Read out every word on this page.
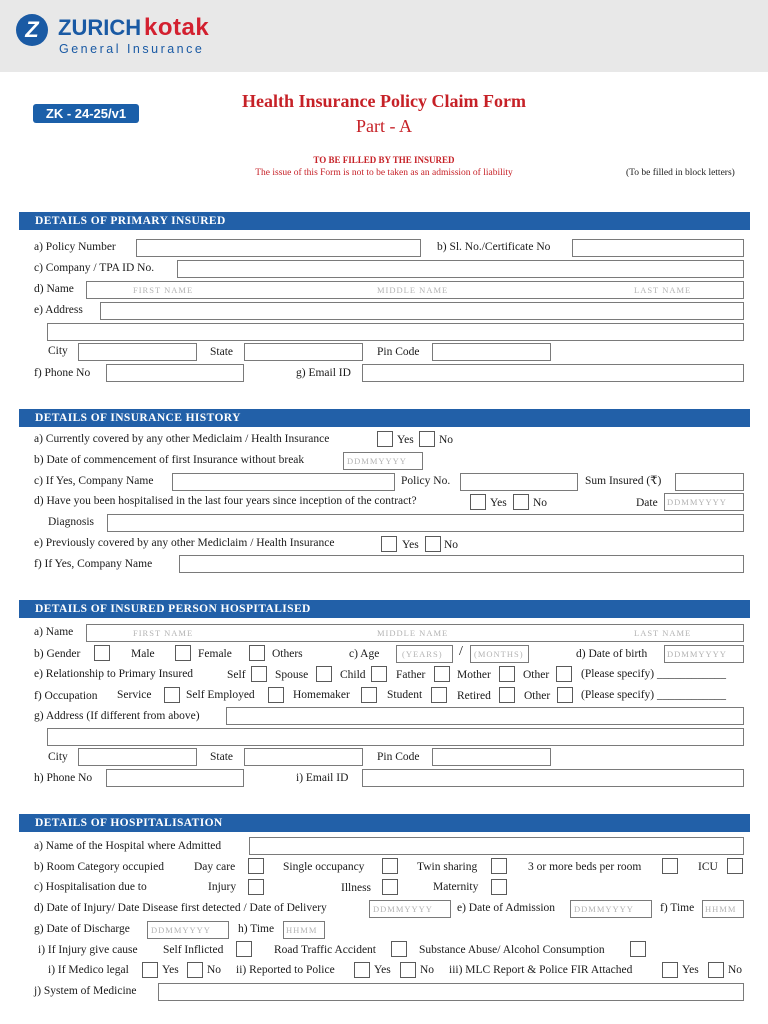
Z ZURICH kotak
General Insurance
ZK - 24-25/v1
Health Insurance Policy Claim Form
Part - A
TO BE FILLED BY THE INSURED
The issue of this Form is not to be taken as an admission of liability	(To be filled in block letters)
DETAILS OF PRIMARY INSURED
a) Policy Number	b) Sl. No./Certificate No
c) Company / TPA ID No.
d) Name	FIRST NAME	MIDDLE NAME	LAST NAME
e) Address
City	State	Pin Code
f) Phone No	g) Email ID
DETAILS OF INSURANCE HISTORY
a) Currently covered by any other Mediclaim / Health Insurance	Yes No
b) Date of commencement of first Insurance without break	DDMMYYYY
c) If Yes, Company Name	Policy No.	Sum Insured (₹)
d) Have you been hospitalised in the last four years since inception of the contract?	Yes No	Date DDMMYYYY
Diagnosis
e) Previously covered by any other Mediclaim / Health Insurance	Yes No
f) If Yes, Company Name
DETAILS OF INSURED PERSON HOSPITALISED
a) Name	FIRST NAME	MIDDLE NAME	LAST NAME
b) Gender	Male	Female	Others	c) Age	(YEARS) / (MONTHS)	d) Date of birth DDMMYYYY
e) Relationship to Primary Insured	Self	Spouse	Child	Father	Mother	Other	(Please specify) ____________
f) Occupation Service	Self Employed	Homemaker	Student	Retired	Other	(Please specify) ____________
g) Address (If different from above)
City	State	Pin Code
h) Phone No	i) Email ID
DETAILS OF HOSPITALISATION
a) Name of the Hospital where Admitted
b) Room Category occupied	Day care	Single occupancy	Twin sharing	3 or more beds per room	ICU
c) Hospitalisation due to	Injury	Illness	Maternity
d) Date of Injury/ Date Disease first detected / Date of Delivery	DDMMYYYY e) Date of Admission DDMMYYYY f) Time HHMM
g) Date of Discharge DDMMYYYY h) Time HHMM
i) If Injury give cause Self Inflicted	Road Traffic Accident	Substance Abuse/ Alcohol Consumption
i) If Medico legal	Yes No ii) Reported to Police	Yes	No iii) MLC Report & Police FIR Attached	Yes	No
j) System of Medicine
